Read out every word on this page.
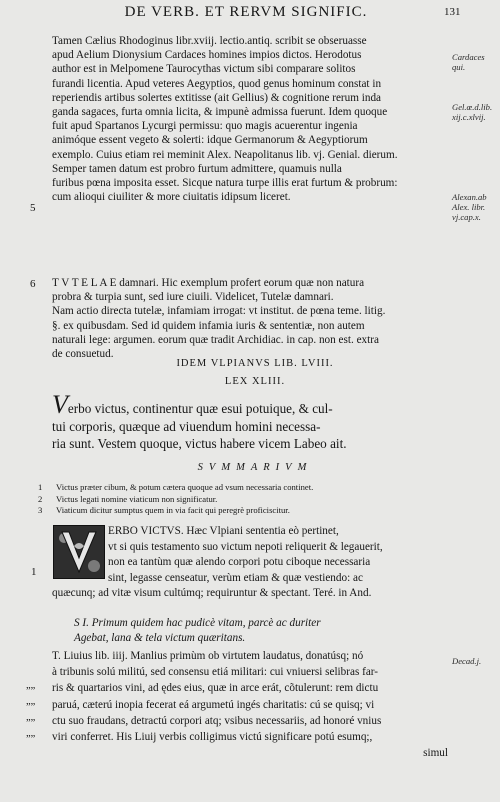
DE VERB. ET RERVM SIGNIFIC.	131
Tamen Cælius Rhodoginus libr.xviij. lectio.antiq. scribit se obseruasse
apud Aelium Dionysium Cardaces homines impios dictos. Herodotus
author est in Melpomene Taurocythas victum sibi comparare solitos
furandi licentia. Apud veteres Aegyptios, quod genus hominum constat in
reperiendis artibus solertes extitisse (ait Gellius) & cognitione rerum inda
ganda sagaces, furta omnia licita, & impunè admissa fuerunt. Idem quoque
fuit apud Spartanos Lycurgi permissu: quo magis acuerentur ingenia
animóque essent vegeto & solerti: idque Germanorum & Aegyptiorum
exemplo. Cuius etiam rei meminit Alex. Neapolitanus lib. vj. Genial. dierum.
Semper tamen datum est probro furtum admittere, quamuis nulla
furibus pœna imposita esset. Sicque natura turpe illis erat furtum & probrum:
cum alioqui ciuiliter & more ciuitatis idipsum liceret.
Cardaces
qui.
Gel.œ.d.lib.
xij.c.xlvij.
Alexan.ab
Alex. libr.
vj.cap.x.
Decad.j.
5
6 T V T E L A E damnari. Hic exemplum profert eorum quæ non natura
probra & turpia sunt, sed iure ciuili. Videlicet, Tutelæ damnari.
Nam actio directa tutelæ, infamiam irrogat: vt institut. de pœna teme. litig.
§. ex quibusdam. Sed id quidem infamia iuris & sententiæ, non autem
naturali lege: argumen. eorum quæ tradit Archidiac. in cap. non est. extra
de consuetud.
IDEM VLPIANVS LIB. LVIII.
LEX XLIII.
Verbo victus, continentur quæ esui potuique, & cul-
tui corporis, quæque ad viuendum homini necessa-
ria sunt. Vestem quoque, victus habere vicem Labeo ait.
SVMMARIVM
1 Victus præter cibum, & potum cætera quoque ad vsum necessaria continet.
2 Victus legati nomine viaticum non significatur.
3 Viaticum dicitur sumptus quem in via facit qui peregrè proficiscitur.
1
ERBO VICTVS. Hæc Vlpiani sententia eò pertinet,
vt si quis testamento suo victum nepoti reliquerit & legauerit,
non ea tantùm quæ alendo corpori potu ciboque necessaria
sint, legasse censeatur, verùm etiam & quæ vestiendo: ac
quæcunq; ad vitæ visum cultúmq; requiruntur & spectant. Teré. in And.
S I. Primum quidem hac pudicè vitam, parcè ac duriter
Agebat, lana & tela victum quæritans.
T. Liuius lib. iiij. Manlius primùm ob virtutem laudatus, donatúsq; nó
à tribunis solú militú, sed consensu etiá militari: cui vniuersi selibras far-
ris & quartarios vini, ad ędes eius, quæ in arce erát, cõtulerunt: rem dictu
paruá, cæterú inopia fecerat eá argumetú ingés charitatis: cú se quisq; vi
ctu suo fraudans, detractú corpori atq; vsibus necessariis, ad honoré vnius
viri conferret. His Liuij verbis colligimus victú significare potú esumq;,
simul
””
””
””
””
